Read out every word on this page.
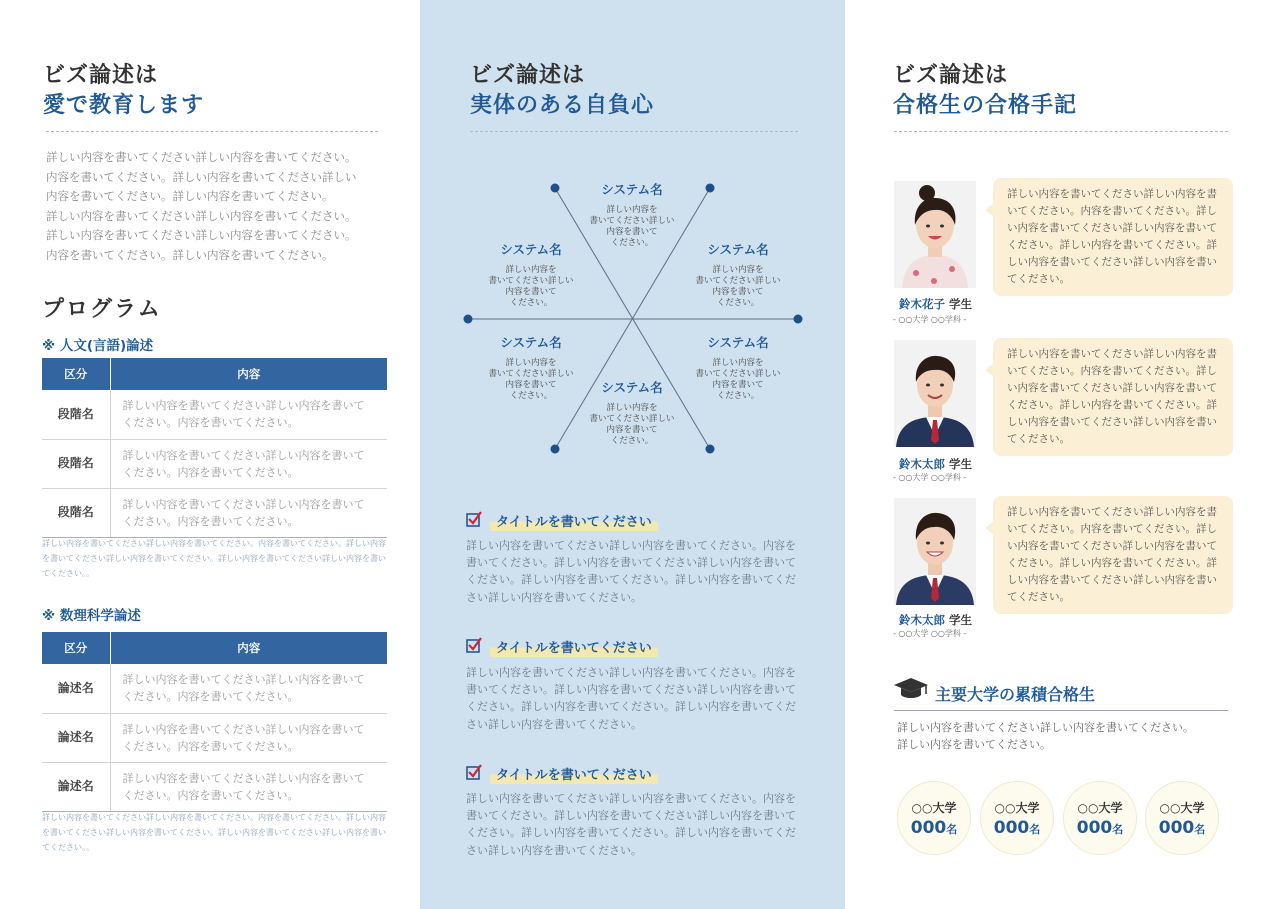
ビズ論述は
愛で教育します
詳しい内容を書いてください詳しい内容を書いてください。
内容を書いてください。詳しい内容を書いてください詳しい
内容を書いてください。詳しい内容を書いてください。
詳しい内容を書いてください詳しい内容を書いてください。
詳しい内容を書いてください詳しい内容を書いてください。
内容を書いてください。詳しい内容を書いてください。
プログラム
※ 人文(言語)論述
区分	内容
段階名	詳しい内容を書いてください詳しい内容を書いてください。内容を書いてください。
段階名	詳しい内容を書いてください詳しい内容を書いてください。内容を書いてください。
段階名	詳しい内容を書いてください詳しい内容を書いてください。内容を書いてください。
詳しい内容を書いてください詳しい内容を書いてください。内容を書いてください。詳しい内容を書いてください詳しい内容を書いてください。詳しい内容を書いてください詳しい内容を書いてください。。
※ 数理科学論述
区分	内容
論述名	詳しい内容を書いてください詳しい内容を書いてください。内容を書いてください。
論述名	詳しい内容を書いてください詳しい内容を書いてください。内容を書いてください。
論述名	詳しい内容を書いてください詳しい内容を書いてください。内容を書いてください。
詳しい内容を書いてください詳しい内容を書いてください。内容を書いてください。詳しい内容を書いてください詳しい内容を書いてください。詳しい内容を書いてください詳しい内容を書いてください。。
ビズ論述は
実体のある自負心
システム名
詳しい内容を
書いてください詳しい
内容を書いて
ください。
システム名
詳しい内容を
書いてください詳しい
内容を書いて
ください。
システム名
詳しい内容を
書いてください詳しい
内容を書いて
ください。
システム名
詳しい内容を
書いてください詳しい
内容を書いて
ください。
システム名
詳しい内容を
書いてください詳しい
内容を書いて
ください。
システム名
詳しい内容を
書いてください詳しい
内容を書いて
ください。
タイトルを書いてください
詳しい内容を書いてください詳しい内容を書いてください。内容を書いてください。詳しい内容を書いてください詳しい内容を書いてください。詳しい内容を書いてください。詳しい内容を書いてください詳しい内容を書いてください。
タイトルを書いてください
詳しい内容を書いてください詳しい内容を書いてください。内容を書いてください。詳しい内容を書いてください詳しい内容を書いてください。詳しい内容を書いてください。詳しい内容を書いてください詳しい内容を書いてください。
タイトルを書いてください
詳しい内容を書いてください詳しい内容を書いてください。内容を書いてください。詳しい内容を書いてください詳しい内容を書いてください。詳しい内容を書いてください。詳しい内容を書いてください詳しい内容を書いてください。
ビズ論述は
合格生の合格手記
詳しい内容を書いてください詳しい内容を書いてください。内容を書いてください。詳しい内容を書いてください詳しい内容を書いてください。詳しい内容を書いてください。詳しい内容を書いてください詳しい内容を書いてください。
鈴木花子 学生
- ○○大学 ○○学科 -
詳しい内容を書いてください詳しい内容を書いてください。内容を書いてください。詳しい内容を書いてください詳しい内容を書いてください。詳しい内容を書いてください。詳しい内容を書いてください詳しい内容を書いてください。
鈴木太郎 学生
- ○○大学 ○○学科 -
詳しい内容を書いてください詳しい内容を書いてください。内容を書いてください。詳しい内容を書いてください詳しい内容を書いてください。詳しい内容を書いてください。詳しい内容を書いてください詳しい内容を書いてください。
鈴木太郎 学生
- ○○大学 ○○学科 -
主要大学の累積合格生
詳しい内容を書いてください詳しい内容を書いてください。
詳しい内容を書いてください。
○○大学
000名
○○大学
000名
○○大学
000名
○○大学
000名
